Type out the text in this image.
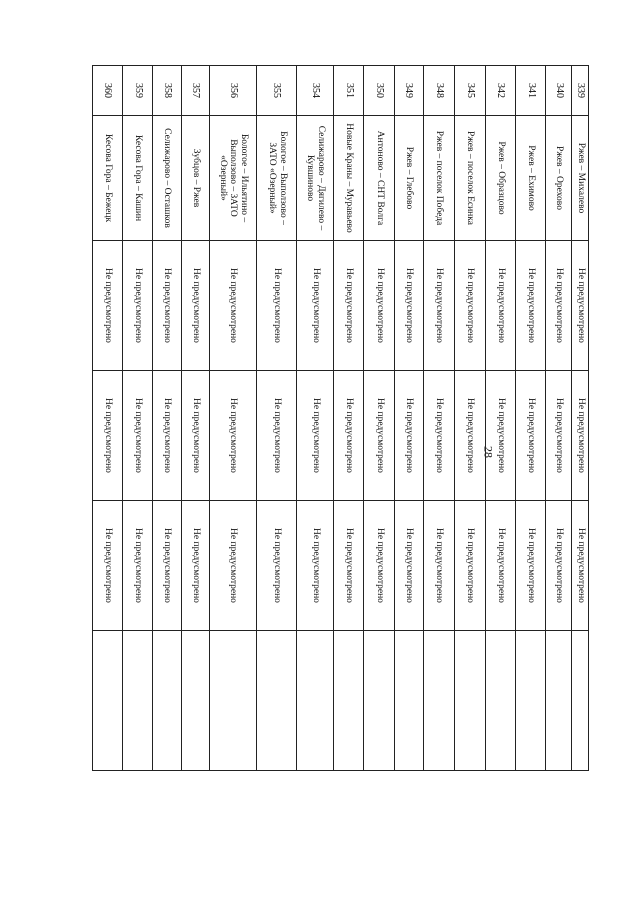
28
339	Ржев – Михалево	Не предусмотрено	Не предусмотрено	Не предусмотрено	
340	Ржев – Орехово	Не предусмотрено	Не предусмотрено	Не предусмотрено	
341	Ржев – Ехимово	Не предусмотрено	Не предусмотрено	Не предусмотрено	
342	Ржев – Образцово	Не предусмотрено	Не предусмотрено	Не предусмотрено	
345	Ржев – поселок Есинка	Не предусмотрено	Не предусмотрено	Не предусмотрено	
348	Ржев – поселок Победа	Не предусмотрено	Не предусмотрено	Не предусмотрено	
349	Ржев – Глебово	Не предусмотрено	Не предусмотрено	Не предусмотрено	
350	Антоново – СНТ Волга	Не предусмотрено	Не предусмотрено	Не предусмотрено	
351	Новые Краны – Муравьево	Не предусмотрено	Не предусмотрено	Не предусмотрено	
354	Селижарово – Дягилево – Кувшиново	Не предусмотрено	Не предусмотрено	Не предусмотрено	
355	Бологое – Выползово – ЗАТО «Озерный»	Не предусмотрено	Не предусмотрено	Не предусмотрено	
356	Бологое – Ильятино – Выползово – ЗАТО «Озерный»	Не предусмотрено	Не предусмотрено	Не предусмотрено	
357	Зубцов – Ржев	Не предусмотрено	Не предусмотрено	Не предусмотрено	
358	Селижарово – Осташков	Не предусмотрено	Не предусмотрено	Не предусмотрено	
359	Кесова Гора – Кашин	Не предусмотрено	Не предусмотрено	Не предусмотрено	
360	Кесова Гора – Бежецк	Не предусмотрено	Не предусмотрено	Не предусмотрено	
